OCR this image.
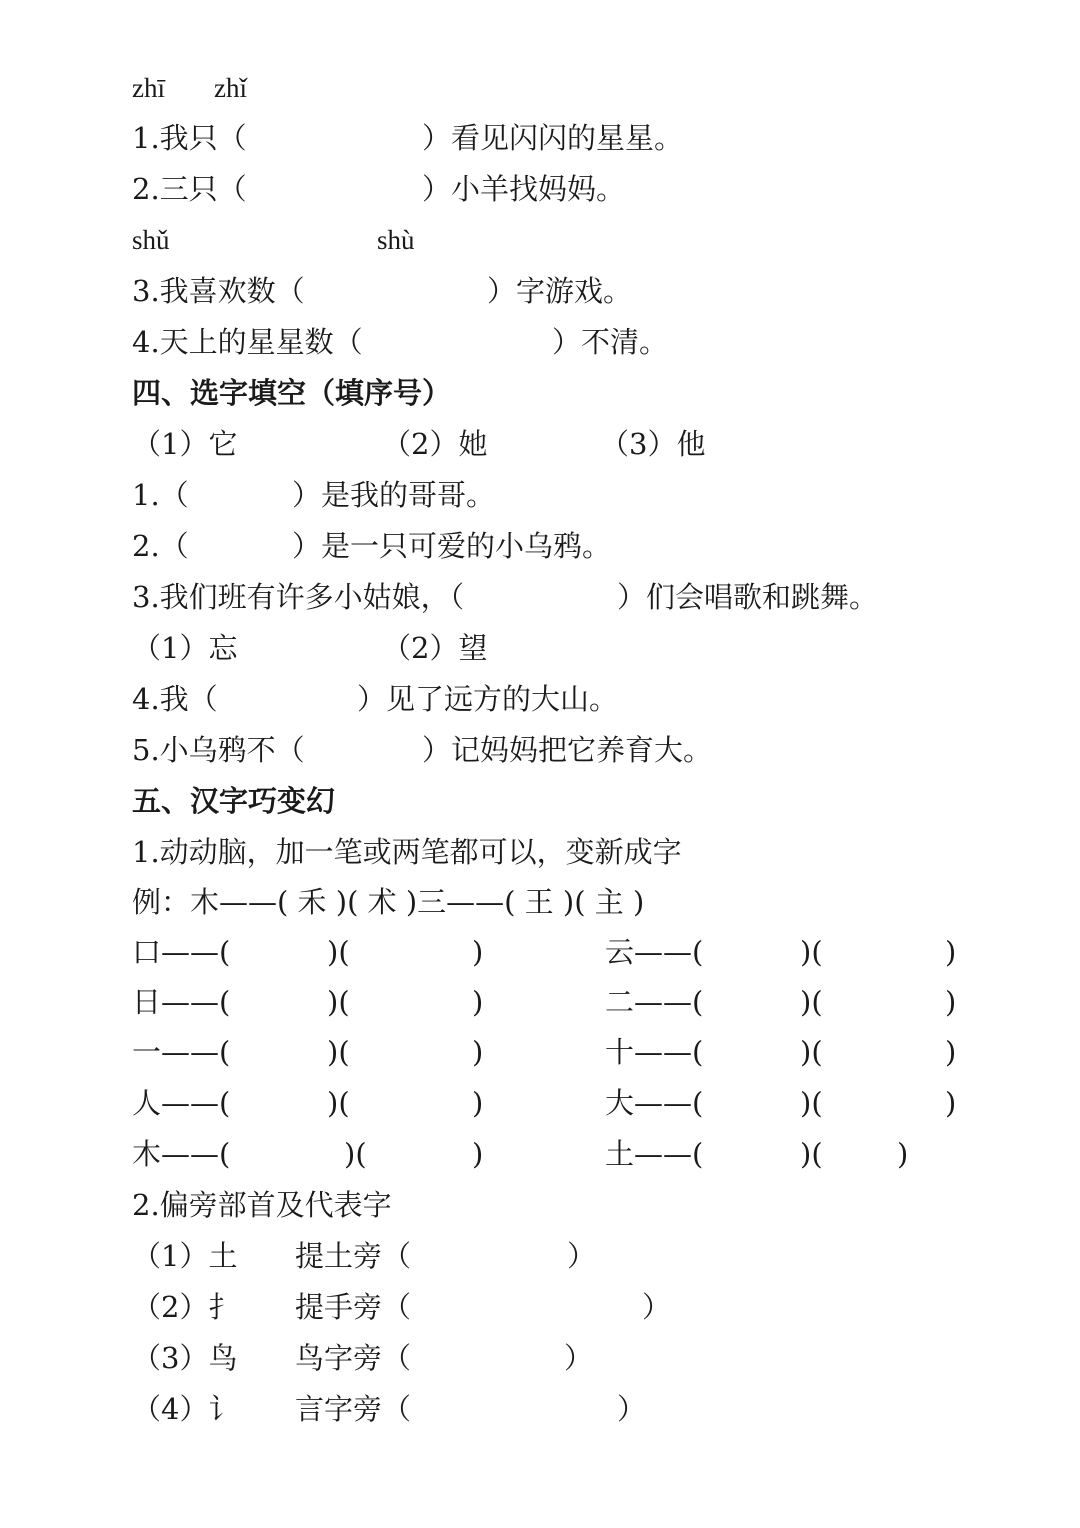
zhī zhǐ
1.我只（	）看见闪闪的星星。
2.三只（	）小羊找妈妈。
shǔ	shù
3.我喜欢数（	）字游戏。
4.天上的星星数（	）不清。
四、选字填空（填序号）
（1）它	（2）她	（3）他
1.（	）是我的哥哥。
2.（	）是一只可爱的小乌鸦。
3.我们班有许多小姑娘，（	）们会唱歌和跳舞。
（1）忘	（2）望
4.我（	）见了远方的大山。
5.小乌鸦不（	）记妈妈把它养育大。
五、汉字巧变幻
1.动动脑，加一笔或两笔都可以，变新成字
例：木——( 禾 )( 术 )三——( 王 )( 主 )
口——(	)(	)	云——(	)(	)
日——(	)(	)	二——(	)(	)
一——(	)(	)	十——(	)(	)
人——(	)(	)	大——(	)(	)
木——(	)(	)	土——(	)(	)
2.偏旁部首及代表字
（1）土 提土旁（	）
（2）扌 提手旁（	）
（3）鸟 鸟字旁（	）
（4）讠 言字旁（	）
